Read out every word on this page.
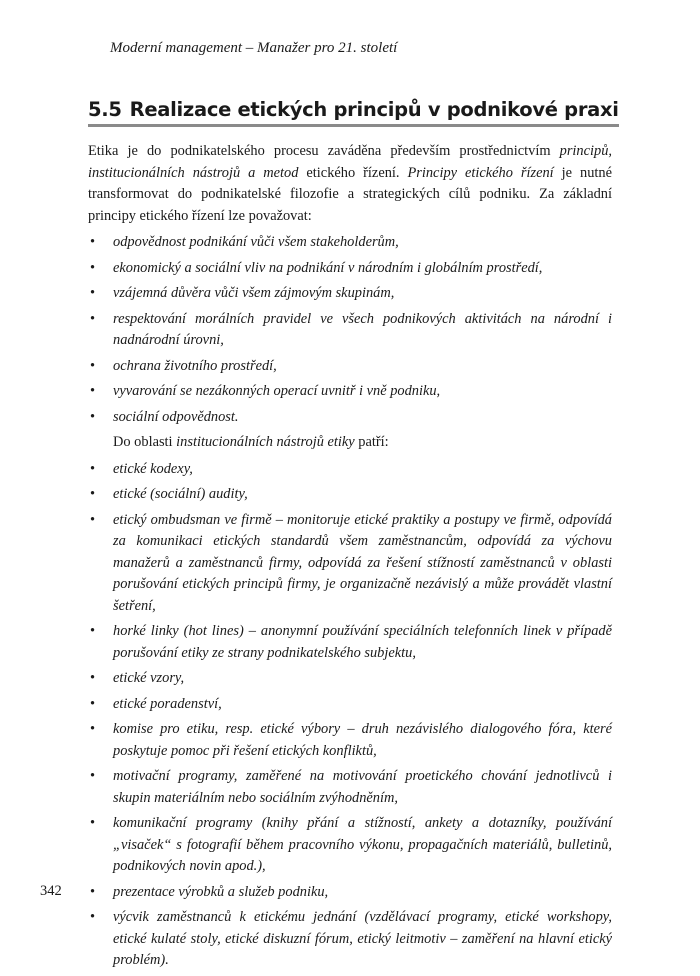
Moderní management – Manažer pro 21. století
5.5 Realizace etických principů v podnikové praxi

Etika je do podnikatelského procesu zaváděna především prostřednictvím principů, institucionálních nástrojů a metod etického řízení. Principy etického řízení je nutné transformovat do podnikatelské filozofie a strategických cílů podniku. Za základní principy etického řízení lze považovat:

• odpovědnost podnikání vůči všem stakeholderům,
• ekonomický a sociální vliv na podnikání v národním i globálním prostředí,
• vzájemná důvěra vůči všem zájmovým skupinám,
• respektování morálních pravidel ve všech podnikových aktivitách na národní i nadnárodní úrovni,
• ochrana životního prostředí,
• vyvarování se nezákonných operací uvnitř i vně podniku,
• sociální odpovědnost.

Do oblasti institucionálních nástrojů etiky patří:

• etické kodexy,
• etické (sociální) audity,
• etický ombudsman ve firmě – monitoruje etické praktiky a postupy ve firmě, odpovídá za komunikaci etických standardů všem zaměstnancům, odpovídá za výchovu manažerů a zaměstnanců firmy, odpovídá za řešení stížností zaměstnanců v oblasti porušování etických principů firmy, je organizačně nezávislý a může provádět vlastní šetření,
• horké linky (hot lines) – anonymní používání speciálních telefonních linek v případě porušování etiky ze strany podnikatelského subjektu,
• etické vzory,
• etické poradenství,
• komise pro etiku, resp. etické výbory – druh nezávislého dialogového fóra, které poskytuje pomoc při řešení etických konfliktů,
• motivační programy, zaměřené na motivování proetického chování jednotlivců i skupin materiálním nebo sociálním zvýhodněním,
• komunikační programy (knihy přání a stížností, ankety a dotazníky, používání „visaček“ s fotografií během pracovního výkonu, propagačních materiálů, bulletinů, podnikových novin apod.),
• prezentace výrobků a služeb podniku,
• výcvik zaměstnanců k etickému jednání (vzdělávací programy, etické workshopy, etické kulaté stoly, etické diskuzní fórum, etický leitmotiv – zaměření na hlavní etický problém).
342
